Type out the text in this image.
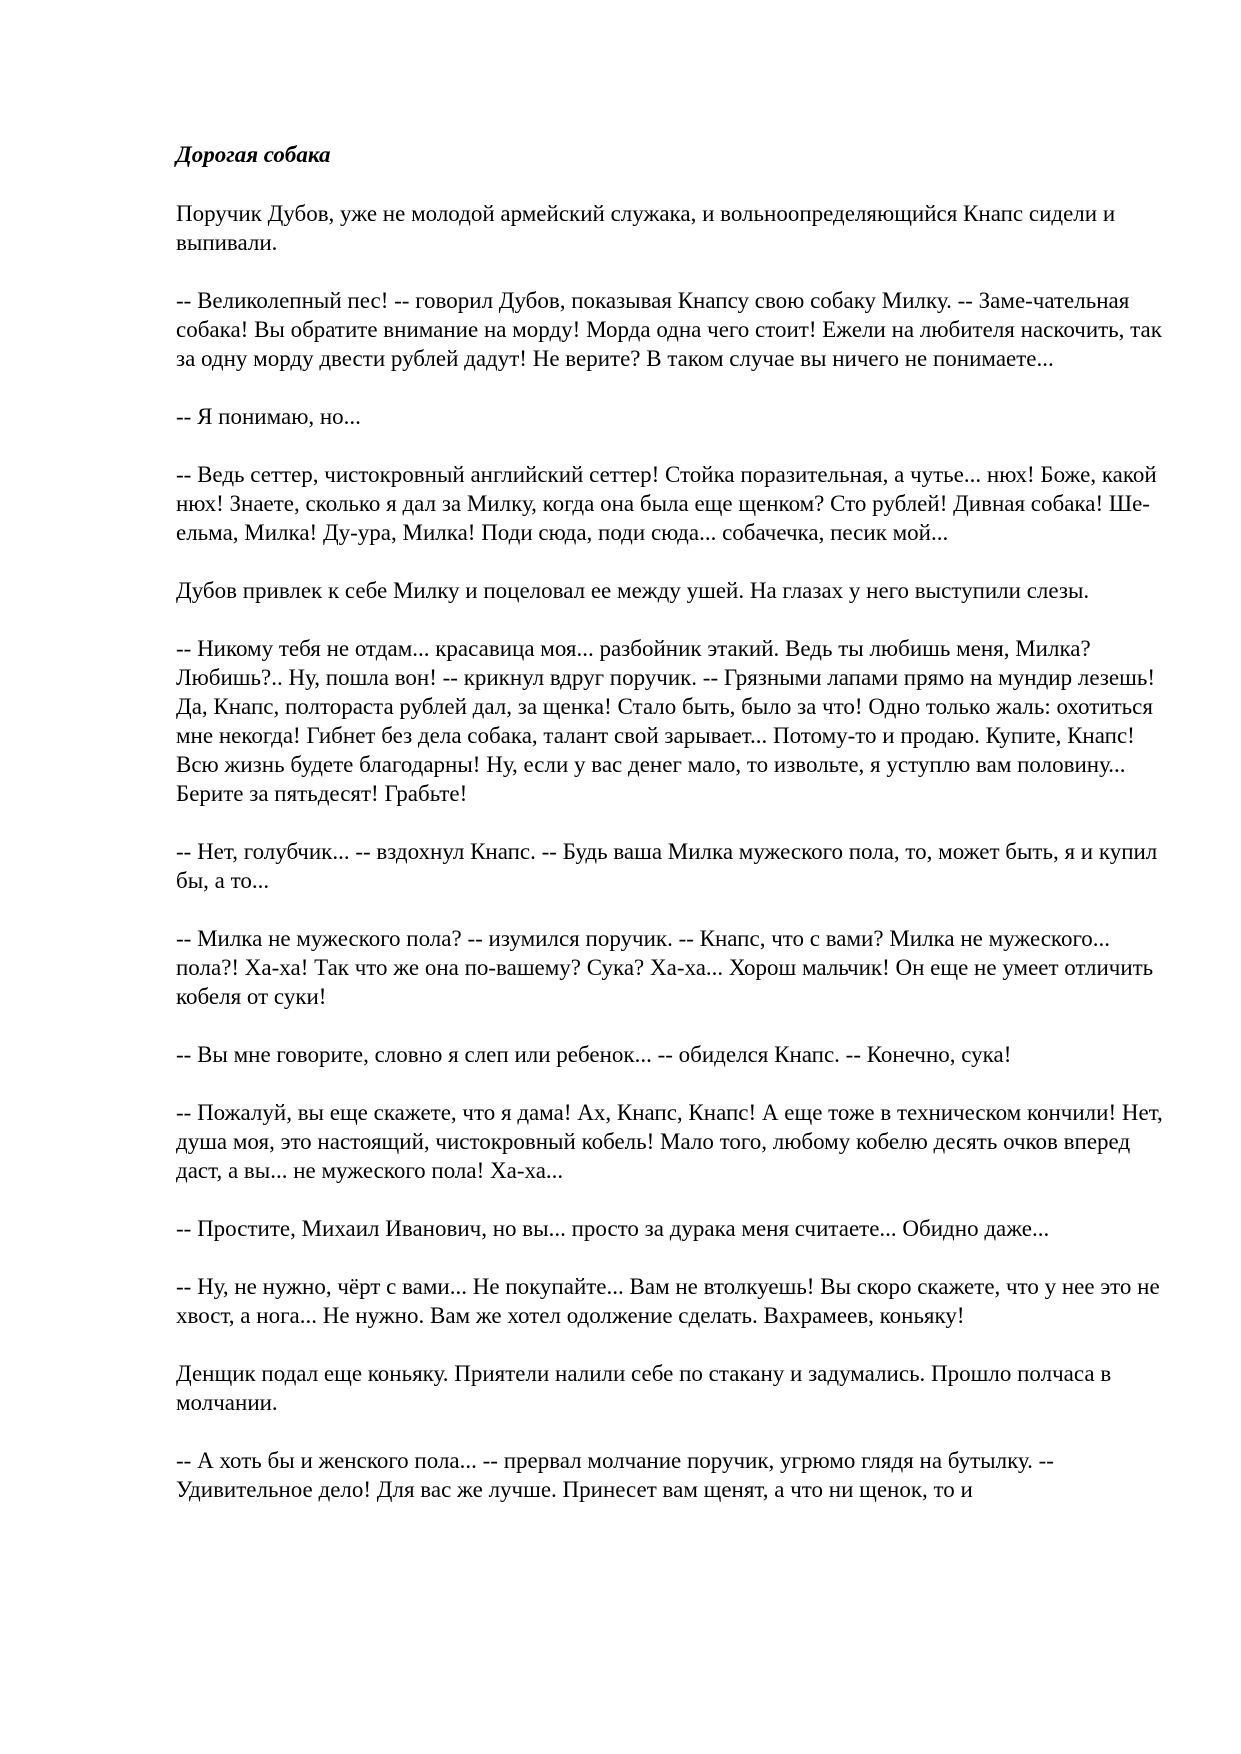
Дорогая собака
Поручик Дубов, уже не молодой армейский служака, и вольноопределяющийся Кнапс сидели и выпивали.
-- Великолепный пес! -- говорил Дубов, показывая Кнапсу свою собаку Милку. -- Заме-чательная собака! Вы обратите внимание на морду! Морда одна чего стоит! Ежели на любителя наскочить, так за одну морду двести рублей дадут! Не верите? В таком случае вы ничего не понимаете...
-- Я понимаю, но...
-- Ведь сеттер, чистокровный английский сеттер! Стойка поразительная, а чутье... нюх! Боже, какой нюх! Знаете, сколько я дал за Милку, когда она была еще щенком? Сто рублей! Дивная собака! Ше-ельма, Милка! Ду-ура, Милка! Поди сюда, поди сюда... собачечка, песик мой...
Дубов привлек к себе Милку и поцеловал ее между ушей. На глазах у него выступили слезы.
-- Никому тебя не отдам... красавица моя... разбойник этакий. Ведь ты любишь меня, Милка? Любишь?.. Ну, пошла вон! -- крикнул вдруг поручик. -- Грязными лапами прямо на мундир лезешь! Да, Кнапс, полтораста рублей дал, за щенка! Стало быть, было за что! Одно только жаль: охотиться мне некогда! Гибнет без дела собака, талант свой зарывает... Потому-то и продаю. Купите, Кнапс! Всю жизнь будете благодарны! Ну, если у вас денег мало, то извольте, я уступлю вам половину... Берите за пятьдесят! Грабьте!
-- Нет, голубчик... -- вздохнул Кнапс. -- Будь ваша Милка мужеского пола, то, может быть, я и купил бы, а то...
-- Милка не мужеского пола? -- изумился поручик. -- Кнапс, что с вами? Милка не мужеского... пола?! Ха-ха! Так что же она по-вашему? Сука? Ха-ха... Хорош мальчик! Он еще не умеет отличить кобеля от суки!
-- Вы мне говорите, словно я слеп или ребенок... -- обиделся Кнапс. -- Конечно, сука!
-- Пожалуй, вы еще скажете, что я дама! Ах, Кнапс, Кнапс! А еще тоже в техническом кончили! Нет, душа моя, это настоящий, чистокровный кобель! Мало того, любому кобелю десять очков вперед даст, а вы... не мужеского пола! Ха-ха...
-- Простите, Михаил Иванович, но вы... просто за дурака меня считаете... Обидно даже...
-- Ну, не нужно, чёрт с вами... Не покупайте... Вам не втолкуешь! Вы скоро скажете, что у нее это не хвост, а нога... Не нужно. Вам же хотел одолжение сделать. Вахрамеев, коньяку!
Денщик подал еще коньяку. Приятели налили себе по стакану и задумались. Прошло полчаса в молчании.
-- А хоть бы и женского пола... -- прервал молчание поручик, угрюмо глядя на бутылку. -- Удивительное дело! Для вас же лучше. Принесет вам щенят, а что ни щенок, то и
